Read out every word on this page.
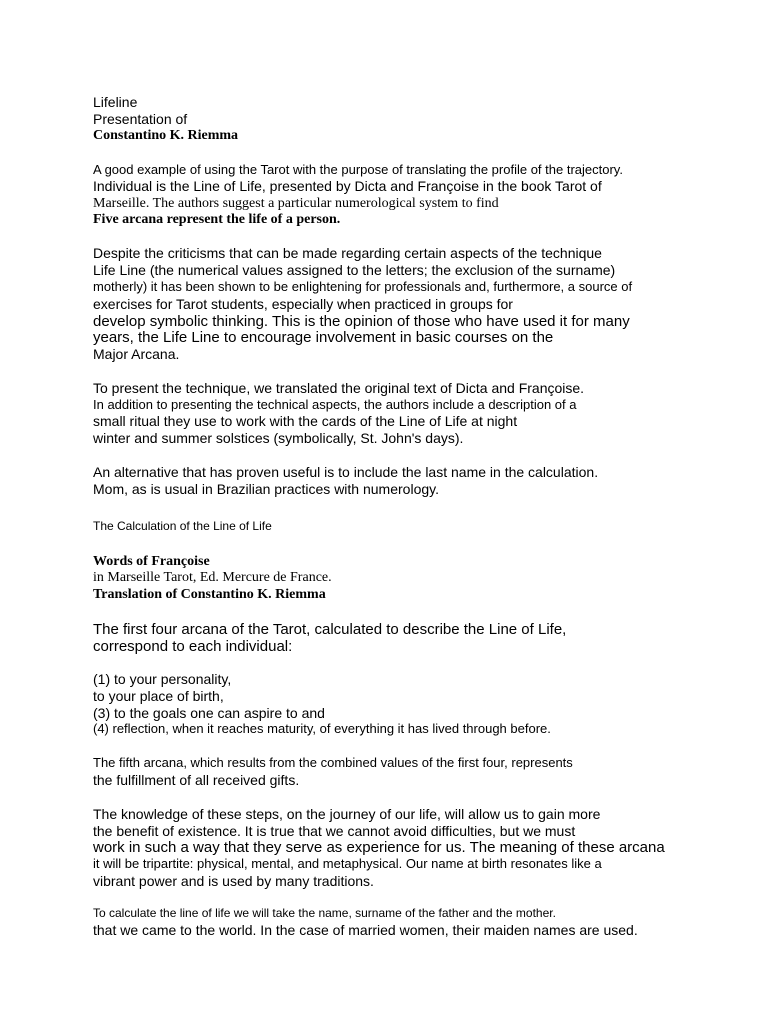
Lifeline
Presentation of
Constantino K. Riemma
A good example of using the Tarot with the purpose of translating the profile of the trajectory.
Individual is the Line of Life, presented by Dicta and Françoise in the book Tarot of
Marseille. The authors suggest a particular numerological system to find
Five arcana represent the life of a person.
Despite the criticisms that can be made regarding certain aspects of the technique
Life Line (the numerical values assigned to the letters; the exclusion of the surname)
motherly) it has been shown to be enlightening for professionals and, furthermore, a source of
exercises for Tarot students, especially when practiced in groups for
develop symbolic thinking. This is the opinion of those who have used it for many
years, the Life Line to encourage involvement in basic courses on the
Major Arcana.
To present the technique, we translated the original text of Dicta and Françoise.
In addition to presenting the technical aspects, the authors include a description of a
small ritual they use to work with the cards of the Line of Life at night
winter and summer solstices (symbolically, St. John's days).
An alternative that has proven useful is to include the last name in the calculation.
Mom, as is usual in Brazilian practices with numerology.
The Calculation of the Line of Life
Words of Françoise
in Marseille Tarot, Ed. Mercure de France.
Translation of Constantino K. Riemma
The first four arcana of the Tarot, calculated to describe the Line of Life,
correspond to each individual:
(1) to your personality,
to your place of birth,
(3) to the goals one can aspire to and
(4) reflection, when it reaches maturity, of everything it has lived through before.
The fifth arcana, which results from the combined values of the first four, represents
the fulfillment of all received gifts.
The knowledge of these steps, on the journey of our life, will allow us to gain more
the benefit of existence. It is true that we cannot avoid difficulties, but we must
work in such a way that they serve as experience for us. The meaning of these arcana
it will be tripartite: physical, mental, and metaphysical. Our name at birth resonates like a
vibrant power and is used by many traditions.
To calculate the line of life we will take the name, surname of the father and the mother.
that we came to the world. In the case of married women, their maiden names are used.
